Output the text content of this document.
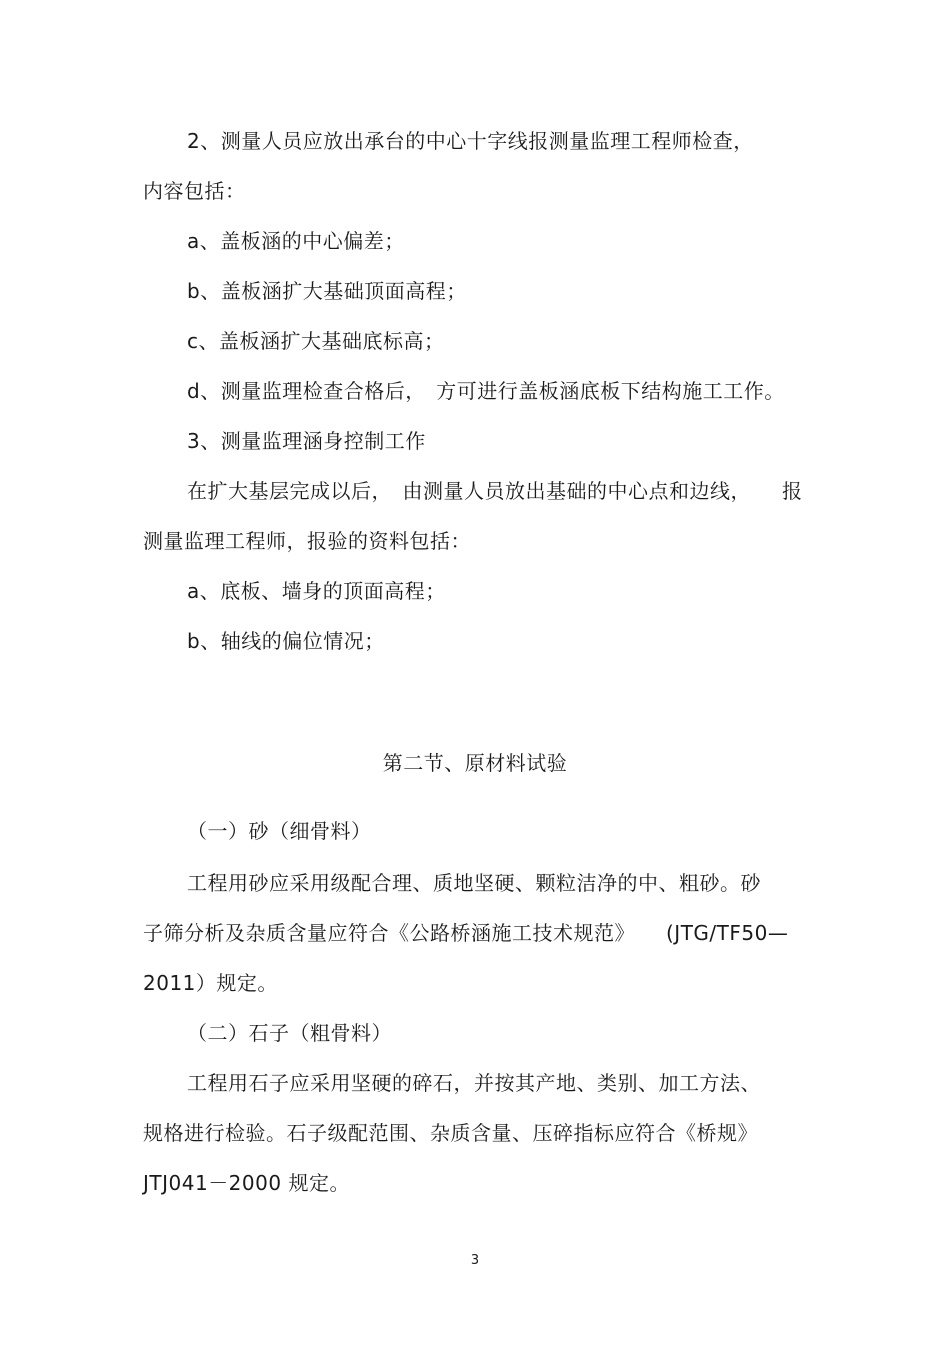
2、测量人员应放出承台的中心十字线报测量监理工程师检查，
内容包括：
a、盖板涵的中心偏差；
b、盖板涵扩大基础顶面高程；
c、盖板涵扩大基础底标高；
d、测量监理检查合格后，　方可进行盖板涵底板下结构施工工作。
3、测量监理涵身控制工作
在扩大基层完成以后，　由测量人员放出基础的中心点和边线，　　报
测量监理工程师，报验的资料包括：
a、底板、墙身的顶面高程；
b、轴线的偏位情况；
第二节、原材料试验
（一）砂（细骨料）
工程用砂应采用级配合理、质地坚硬、颗粒洁净的中、粗砂。砂
子筛分析及杂质含量应符合《公路桥涵施工技术规范》　　(JTG/TF50—
2011）规定。
（二）石子（粗骨料）
工程用石子应采用坚硬的碎石，并按其产地、类别、加工方法、
规格进行检验。石子级配范围、杂质含量、压碎指标应符合《桥规》
JTJ041－2000 规定。
3
